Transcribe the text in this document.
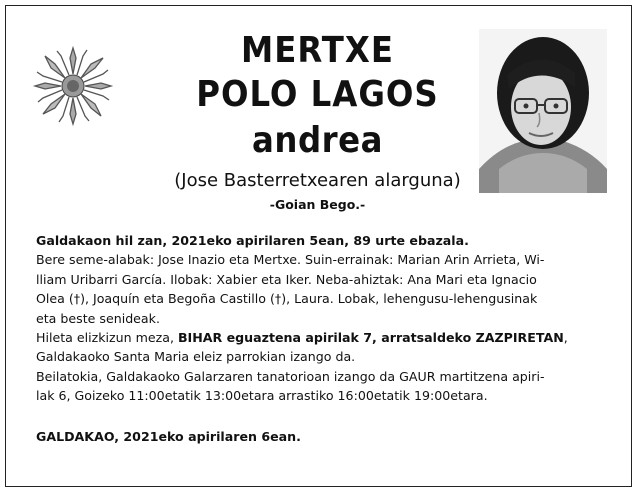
MERTXE
POLO LAGOS
andrea
(Jose Basterretxearen alarguna)
-Goian Bego.-

Galdakaon hil zan, 2021eko apirilaren 5ean, 89 urte ebazala.

Bere seme-alabak: Jose Inazio eta Mertxe. Suin-errainak: Marian Arin Arrieta, Wi-

lliam Uribarri García. Ilobak: Xabier eta Iker. Neba-ahiztak: Ana Mari eta Ignacio

Olea (†), Joaquín eta Begoña Castillo (†), Laura. Lobak, lehengusu-lehengusinak

eta beste senideak.

Hileta elizkizun meza, BIHAR eguaztena apirilak 7, arratsaldeko ZAZPIRETAN,

Galdakaoko Santa Maria eleiz parrokian izango da.

Beilatokia, Galdakaoko Galarzaren tanatorioan izango da GAUR martitzena apiri-

lak 6, Goizeko 11:00etatik 13:00etara arrastiko 16:00etatik 19:00etara.

GALDAKAO, 2021eko apirilaren 6ean.
